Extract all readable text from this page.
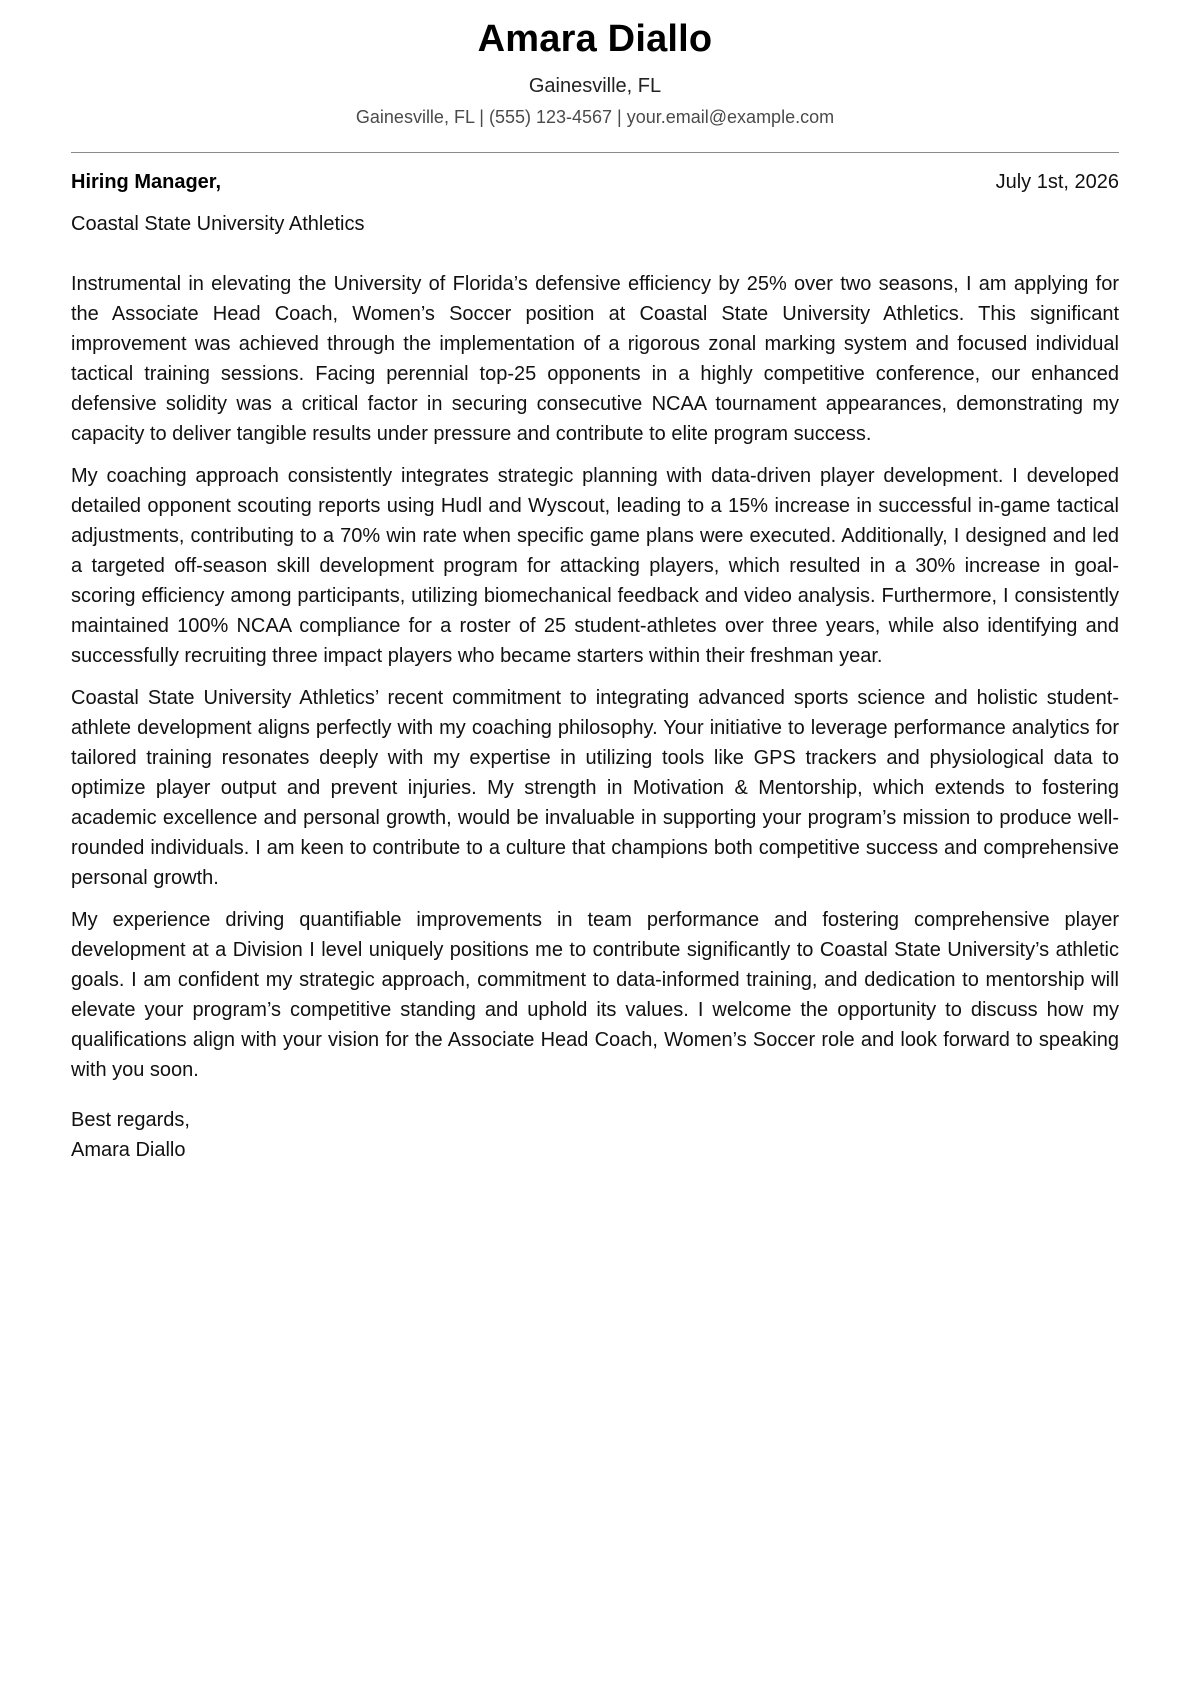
Amara Diallo
Gainesville, FL
Gainesville, FL | (555) 123-4567 | your.email@example.com
Hiring Manager,	July 1st, 2026
Coastal State University Athletics

Instrumental in elevating the University of Florida’s defensive efficiency by 25% over two seasons, I am applying for the Associate Head Coach, Women’s Soccer position at Coastal State University Athletics. This significant improvement was achieved through the implementation of a rigorous zonal marking system and focused individual tactical training sessions. Facing perennial top-25 opponents in a highly competitive conference, our enhanced defensive solidity was a critical factor in securing consecutive NCAA tournament appearances, demonstrating my capacity to deliver tangible results under pressure and contribute to elite program success.

My coaching approach consistently integrates strategic planning with data-driven player development. I developed detailed opponent scouting reports using Hudl and Wyscout, leading to a 15% increase in successful in-game tactical adjustments, contributing to a 70% win rate when specific game plans were executed. Additionally, I designed and led a targeted off-season skill development program for attacking players, which resulted in a 30% increase in goal-scoring efficiency among participants, utilizing biomechanical feedback and video analysis. Furthermore, I consistently maintained 100% NCAA compliance for a roster of 25 student-athletes over three years, while also identifying and successfully recruiting three impact players who became starters within their freshman year.

Coastal State University Athletics’ recent commitment to integrating advanced sports science and holistic student-athlete development aligns perfectly with my coaching philosophy. Your initiative to leverage performance analytics for tailored training resonates deeply with my expertise in utilizing tools like GPS trackers and physiological data to optimize player output and prevent injuries. My strength in Motivation & Mentorship, which extends to fostering academic excellence and personal growth, would be invaluable in supporting your program’s mission to produce well-rounded individuals. I am keen to contribute to a culture that champions both competitive success and comprehensive personal growth.

My experience driving quantifiable improvements in team performance and fostering comprehensive player development at a Division I level uniquely positions me to contribute significantly to Coastal State University’s athletic goals. I am confident my strategic approach, commitment to data-informed training, and dedication to mentorship will elevate your program’s competitive standing and uphold its values. I welcome the opportunity to discuss how my qualifications align with your vision for the Associate Head Coach, Women’s Soccer role and look forward to speaking with you soon.

Best regards,
Amara Diallo
